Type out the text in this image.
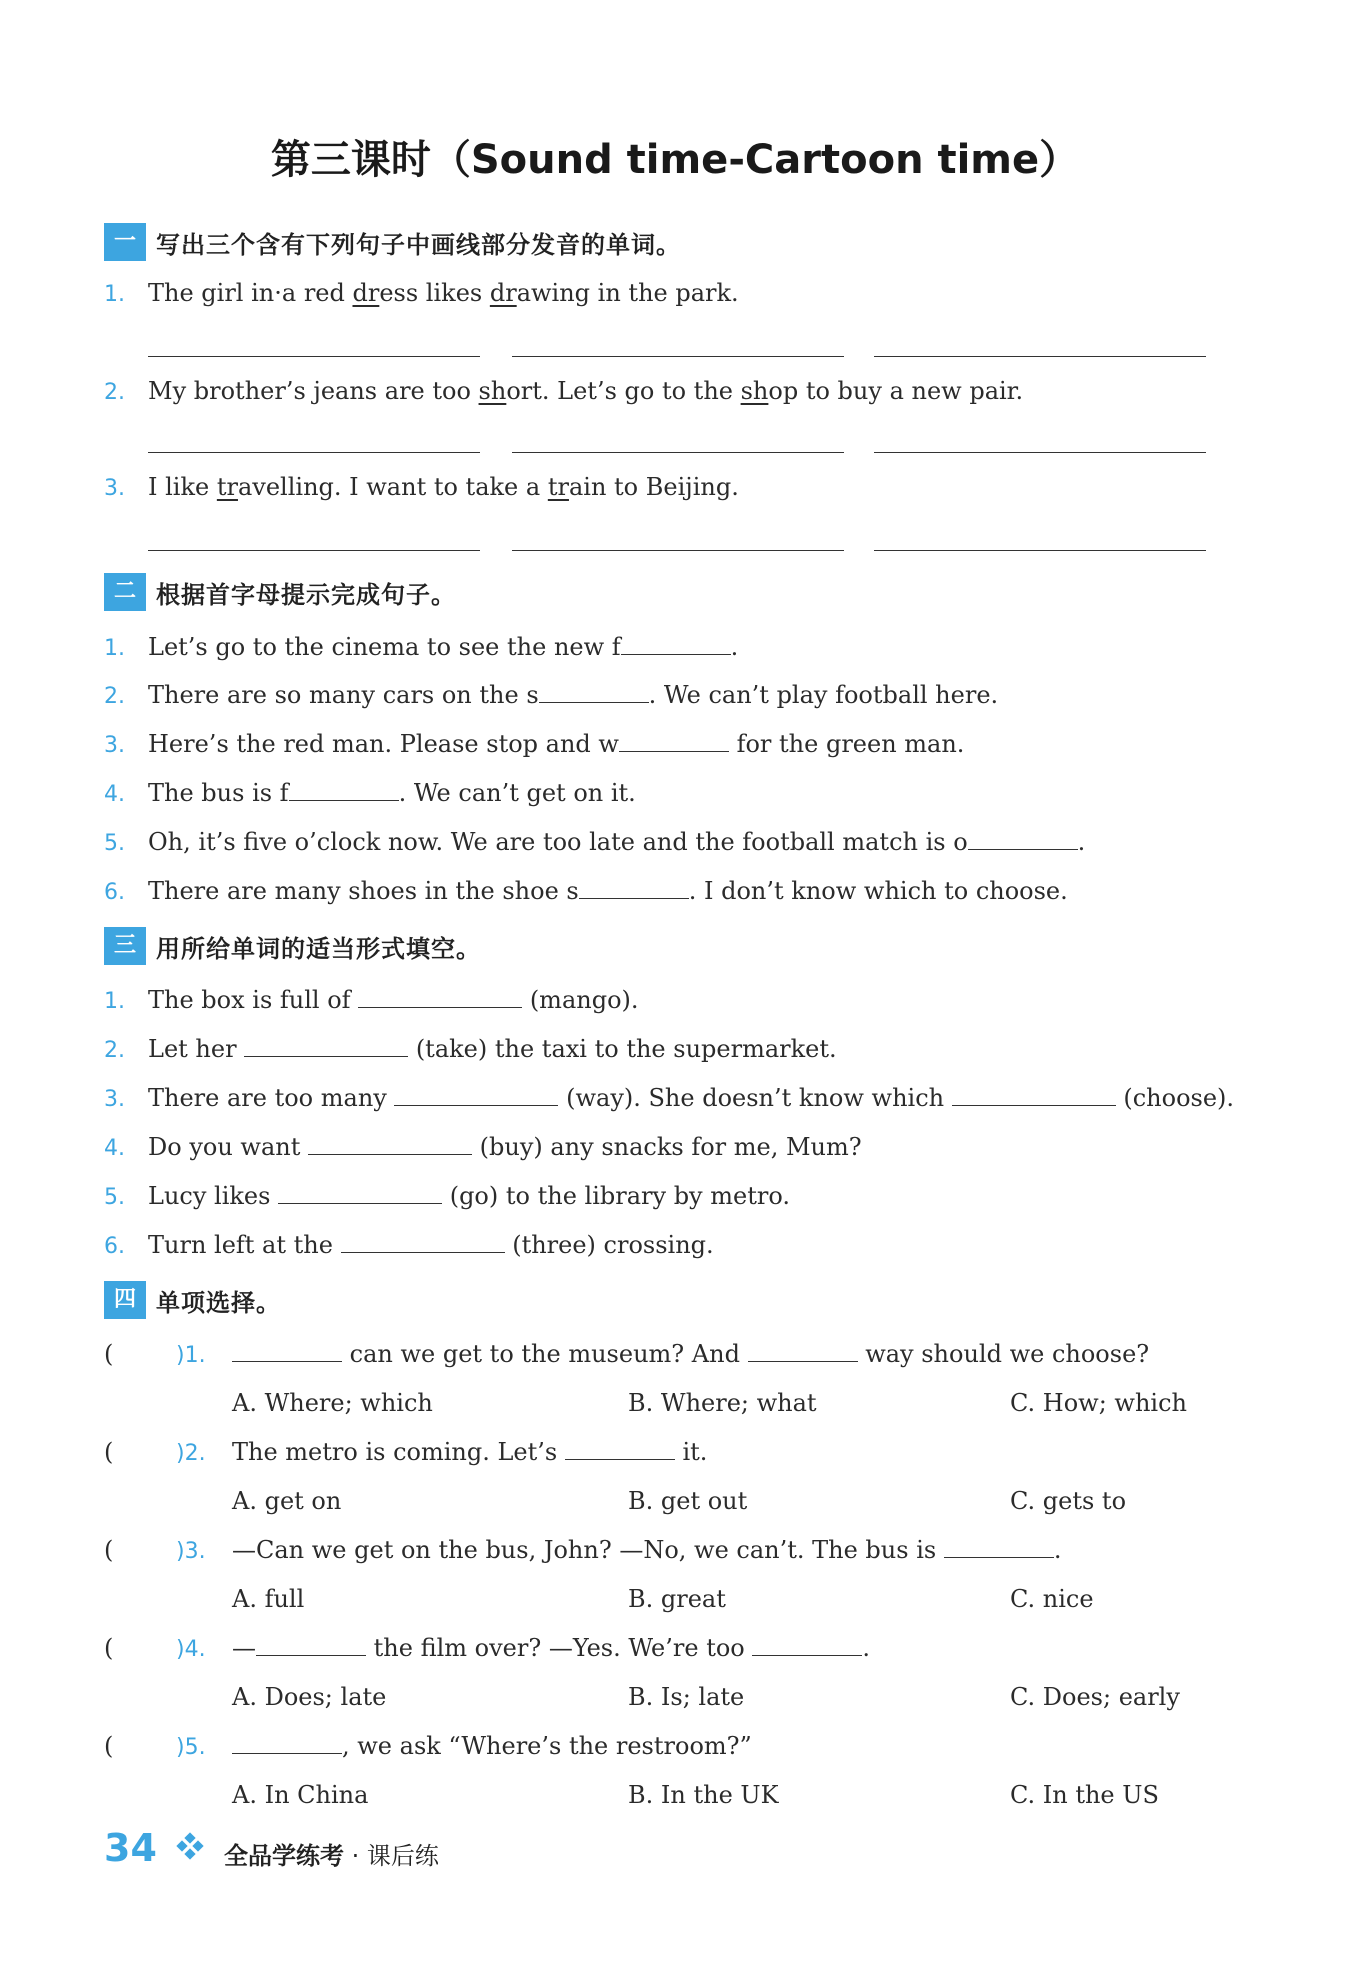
第三课时（Sound time-Cartoon time）
一 写出三个含有下列句子中画线部分发音的单词。
1. The girl in·a red dress likes drawing in the park.
2. My brother’s jeans are too short. Let’s go to the shop to buy a new pair.
3. I like travelling. I want to take a train to Beijing.
二 根据首字母提示完成句子。
1. Let’s go to the cinema to see the new f	.
2. There are so many cars on the s	. We can’t play football here.
3. Here’s the red man. Please stop and w	for the green man.
4. The bus is f	. We can’t get on it.
5. Oh, it’s five o’clock now. We are too late and the football match is o	.
6. There are many shoes in the shoe s	. I don’t know which to choose.
三 用所给单词的适当形式填空。
1. The box is full of	(mango).
2. Let her	(take) the taxi to the supermarket.
3. There are too many	(way). She doesn’t know which	(choose).
4. Do you want	(buy) any snacks for me, Mum?
5. Lucy likes	(go) to the library by metro.
6. Turn left at the	(three) crossing.
四 单项选择。
(	)1.	can we get to the museum? And	way should we choose?
A. Where; which	B. Where; what	C. How; which
(	)2. The metro is coming. Let’s	it.
A. get on	B. get out	C. gets to
(	)3. —Can we get on the bus, John? —No, we can’t. The bus is	.
A. full	B. great	C. nice
(	)4. —	the film over? —Yes. We’re too	.
A. Does; late	B. Is; late	C. Does; early
(	)5.	, we ask “Where’s the restroom?”
A. In China	B. In the UK	C. In the US
34	全品学练考 · 课后练
